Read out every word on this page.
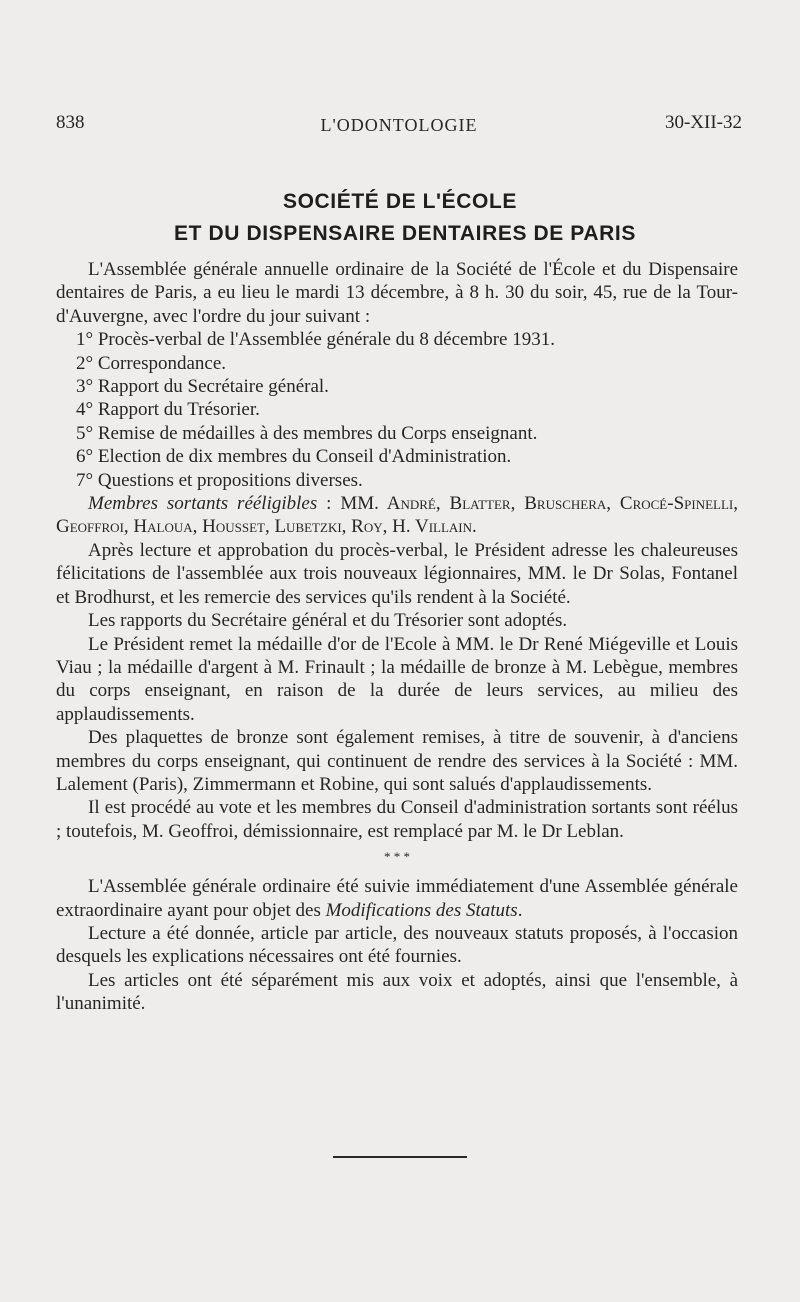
838	L'ODONTOLOGIE	30-XII-32
SOCIÉTÉ DE L'ÉCOLE
ET DU DISPENSAIRE DENTAIRES DE PARIS

L'Assemblée générale annuelle ordinaire de la Société de l'École et du Dispensaire dentaires de Paris, a eu lieu le mardi 13 décembre, à 8 h. 30 du soir, 45, rue de la Tour-d'Auvergne, avec l'ordre du jour suivant :

1° Procès-verbal de l'Assemblée générale du 8 décembre 1931.

2° Correspondance.

3° Rapport du Secrétaire général.

4° Rapport du Trésorier.

5° Remise de médailles à des membres du Corps enseignant.

6° Election de dix membres du Conseil d'Administration.

7° Questions et propositions diverses.

Membres sortants rééligibles : MM. André, Blatter, Bruschera, Crocé-Spinelli, Geoffroi, Haloua, Housset, Lubetzki, Roy, H. Villain.

Après lecture et approbation du procès-verbal, le Président adresse les chaleureuses félicitations de l'assemblée aux trois nouveaux légionnaires, MM. le Dr Solas, Fontanel et Brodhurst, et les remercie des services qu'ils rendent à la Société.

Les rapports du Secrétaire général et du Trésorier sont adoptés.

Le Président remet la médaille d'or de l'Ecole à MM. le Dr René Miégeville et Louis Viau ; la médaille d'argent à M. Frinault ; la médaille de bronze à M. Lebègue, membres du corps enseignant, en raison de la durée de leurs services, au milieu des applaudissements.

Des plaquettes de bronze sont également remises, à titre de souvenir, à d'anciens membres du corps enseignant, qui continuent de rendre des services à la Société : MM. Lalement (Paris), Zimmermann et Robine, qui sont salués d'applaudissements.

Il est procédé au vote et les membres du Conseil d'administration sortants sont réélus ; toutefois, M. Geoffroi, démissionnaire, est remplacé par M. le Dr Leblan.

* * *

L'Assemblée générale ordinaire été suivie immédiatement d'une Assemblée générale extraordinaire ayant pour objet des Modifications des Statuts.

Lecture a été donnée, article par article, des nouveaux statuts proposés, à l'occasion desquels les explications nécessaires ont été fournies.

Les articles ont été séparément mis aux voix et adoptés, ainsi que l'ensemble, à l'unanimité.
